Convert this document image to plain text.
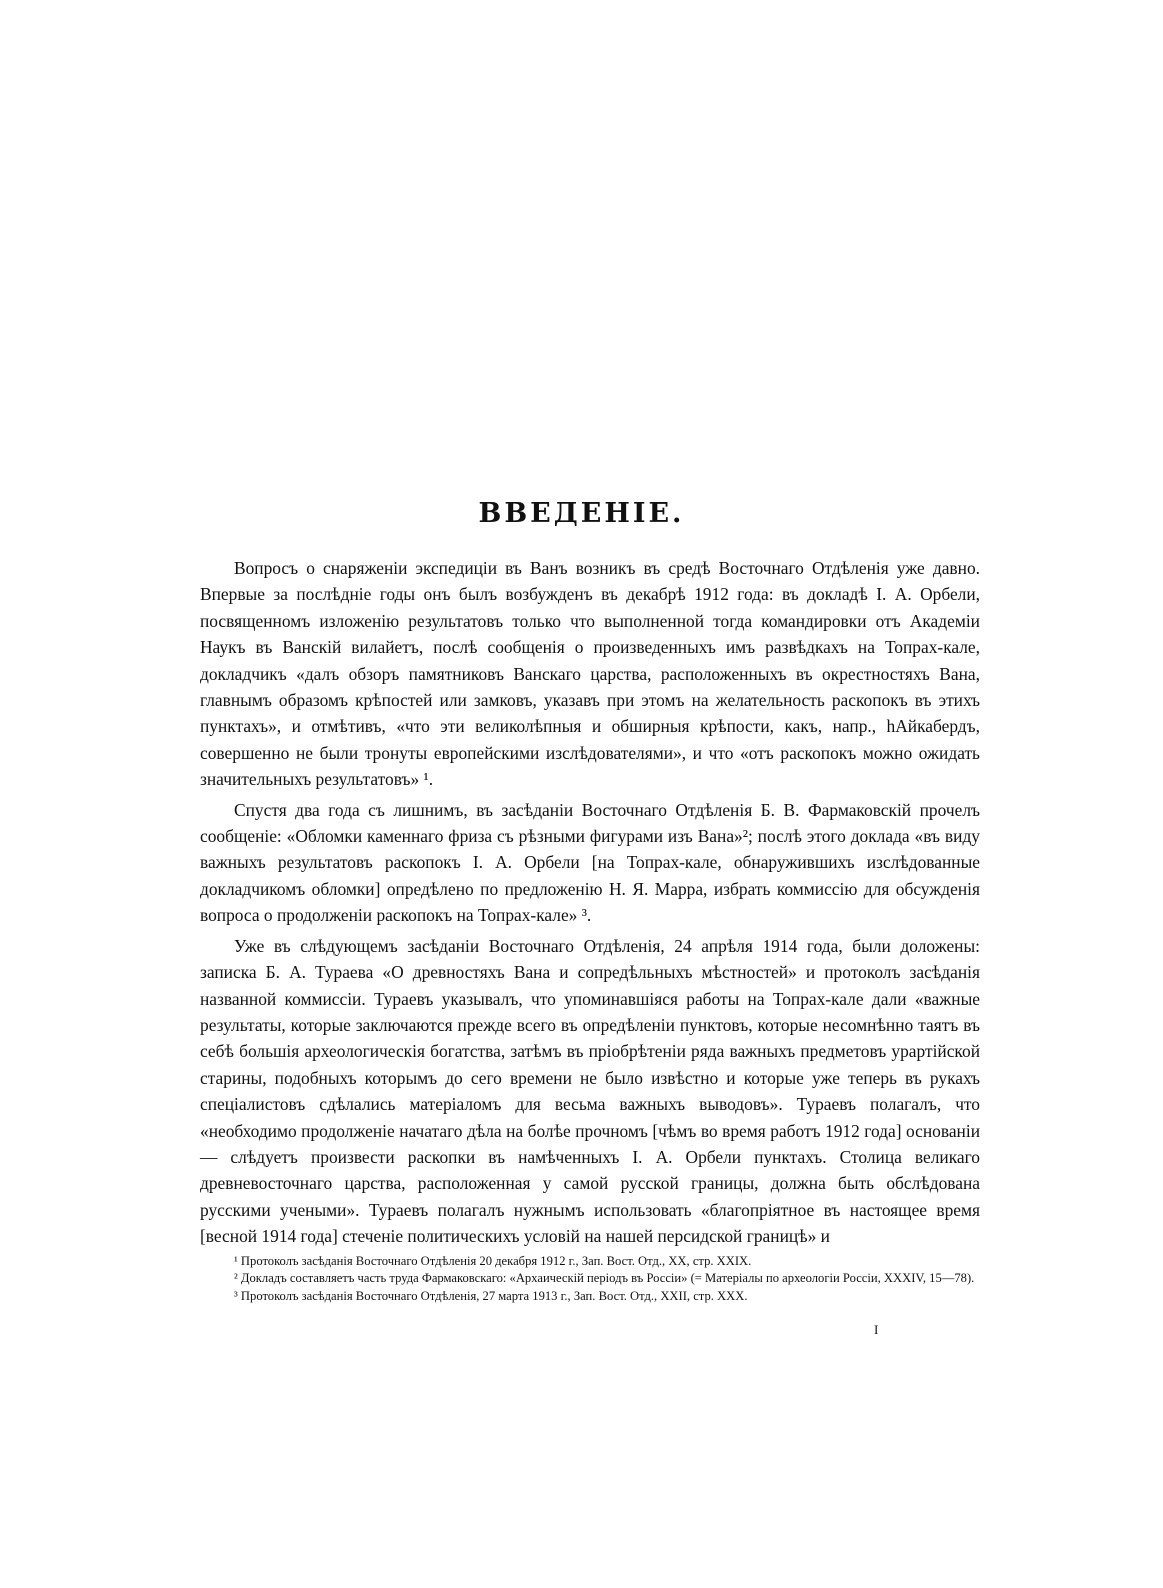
ВВЕДЕНІЕ.

Вопросъ о снаряженіи экспедиціи въ Ванъ возникъ въ средѣ Восточнаго Отдѣленія уже давно. Впервые за послѣдніе годы онъ былъ возбужденъ въ декабрѣ 1912 года: въ докладѣ І. А. Орбели, посвященномъ изложенію результатовъ только что выполненной тогда командировки отъ Академіи Наукъ въ Ванскій вилайетъ, послѣ сообщенія о произведенныхъ имъ развѣдкахъ на Топрах-кале, докладчикъ «далъ обзоръ памятниковъ Ванскаго царства, расположенныхъ въ окрестностяхъ Вана, главнымъ образомъ крѣпостей или замковъ, указавъ при этомъ на желательность раскопокъ въ этихъ пунктахъ», и отмѣтивъ, «что эти великолѣпныя и обширныя крѣпости, какъ, напр., hАйкабердъ, совершенно не были тронуты европейскими изслѣдователями», и что «отъ раскопокъ можно ожидать значительныхъ результатовъ» ¹.

Спустя два года съ лишнимъ, въ засѣданіи Восточнаго Отдѣленія Б. В. Фармаковскій прочелъ сообщеніе: «Обломки каменнаго фриза съ рѣзными фигурами изъ Вана»²; послѣ этого доклада «въ виду важныхъ результатовъ раскопокъ І. А. Орбели [на Топрах-кале, обнаружившихъ изслѣдованные докладчикомъ обломки] опредѣлено по предложенію Н. Я. Марра, избрать коммиссію для обсужденія вопроса о продолженіи раскопокъ на Топрах-кале» ³.

Уже въ слѣдующемъ засѣданіи Восточнаго Отдѣленія, 24 апрѣля 1914 года, были доложены: записка Б. А. Тураева «О древностяхъ Вана и сопредѣльныхъ мѣстностей» и протоколъ засѣданія названной коммиссіи. Тураевъ указывалъ, что упоминавшіяся работы на Топрах-кале дали «важные результаты, которые заключаются прежде всего въ опредѣленіи пунктовъ, которые несомнѣнно таятъ въ себѣ большія археологическія богатства, затѣмъ въ пріобрѣтеніи ряда важныхъ предметовъ урартійской старины, подобныхъ которымъ до сего времени не было извѣстно и которые уже теперь въ рукахъ спеціалистовъ сдѣлались матеріаломъ для весьма важныхъ выводовъ». Тураевъ полагалъ, что «необходимо продолженіе начатаго дѣла на болѣе прочномъ [чѣмъ во время работъ 1912 года] основаніи — слѣдуетъ произвести раскопки въ намѣченныхъ І. А. Орбели пунктахъ. Столица великаго древневосточнаго царства, расположенная у самой русской границы, должна быть обслѣдована русскими учеными». Тураевъ полагалъ нужнымъ использовать «благопріятное въ настоящее время [весной 1914 года] стеченіе политическихъ условій на нашей персидской границѣ» и

¹ Протоколъ засѣданія Восточнаго Отдѣленія 20 декабря 1912 г., Зап. Вост. Отд., XX, стр. XXIX.

² Докладъ составляетъ часть труда Фармаковскаго: «Архаическій періодъ въ Россіи» (= Матеріалы по археологіи Россіи, XXXIV, 15—78).

³ Протоколъ засѣданія Восточнаго Отдѣленія, 27 марта 1913 г., Зап. Вост. Отд., XXII, стр. XXX.

I
